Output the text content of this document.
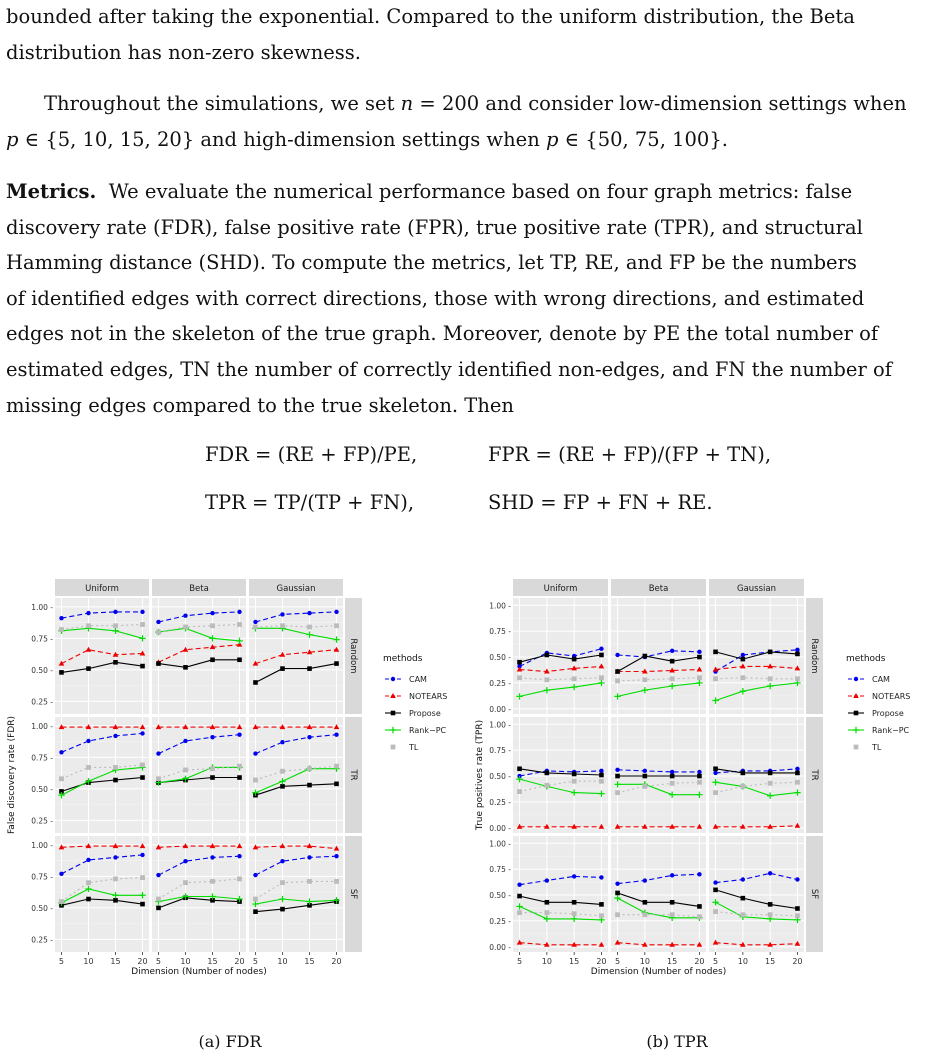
bounded after taking the exponential. Compared to the uniform distribution, the Beta
distribution has non-zero skewness.

Throughout the simulations, we set n = 200 and consider low-dimension settings when
p ∈ {5, 10, 15, 20} and high-dimension settings when p ∈ {50, 75, 100}.

Metrics.  We evaluate the numerical performance based on four graph metrics: false
discovery rate (FDR), false positive rate (FPR), true positive rate (TPR), and structural
Hamming distance (SHD). To compute the metrics, let TP, RE, and FP be the numbers
of identified edges with correct directions, those with wrong directions, and estimated
edges not in the skeleton of the true graph. Moreover, denote by PE the total number of
estimated edges, TN the number of correctly identified non-edges, and FN the number of
missing edges compared to the true skeleton. Then

FDR = (RE + FP)/PE,	FPR = (RE + FP)/(FP + TN),
TPR = TP/(TP + FN),	SHD = FP + FN + RE.
Uniform	Beta	Gaussian
Random
TR
SF
0.25 -
0.50 -
0.75 -
1.00 -
0.25 -
0.50 -
0.75 -
1.00 -
0.25 -
0.50 -
0.75 -
1.00 -
5 10 15 20 5 10 15 20 5 10 15 20
Dimension (Number of nodes)
False discovery rate (FDR)
methods
CAM
NOTEARS
Propose
Rank−PC
TL
Uniform	Beta	Gaussian
Random
TR
SF
0.00 -
0.25 -
0.50 -
0.75 -
1.00 -
0.00 -
0.25 -
0.50 -
0.75 -
1.00 -
0.00 -
0.25 -
0.50 -
0.75 -
1.00 -
5 10 15 20 5 10 15 20 5 10 15 20
Dimension (Number of nodes)
True positives rate (TPR)
methods
CAM
NOTEARS
Propose
Rank−PC
TL
(a) FDR	(b) TPR
